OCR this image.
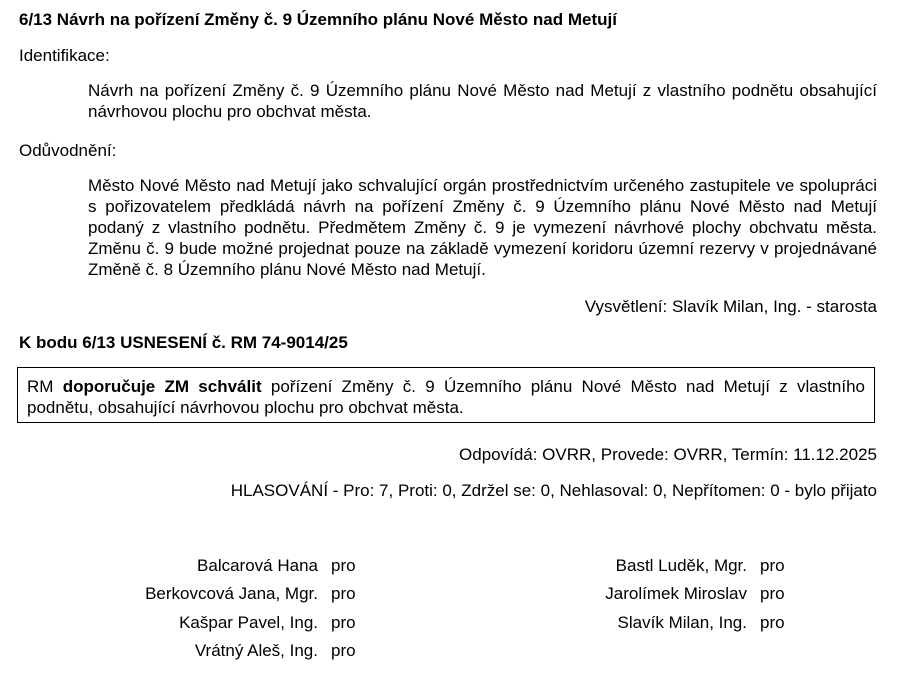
6/13 Návrh na pořízení Změny č. 9 Územního plánu Nové Město nad Metují
Identifikace:
Návrh na pořízení Změny č. 9 Územního plánu Nové Město nad Metují z vlastního podnětu obsahující návrhovou plochu pro obchvat města.
Odůvodnění:
Město Nové Město nad Metují jako schvalující orgán prostřednictvím určeného zastupitele ve spolupráci s pořizovatelem předkládá návrh na pořízení Změny č. 9 Územního plánu Nové Město nad Metují podaný z vlastního podnětu. Předmětem Změny č. 9 je vymezení návrhové plochy obchvatu města. Změnu č. 9 bude možné projednat pouze na základě vymezení koridoru územní rezervy v projednávané Změně č. 8 Územního plánu Nové Město nad Metují.
Vysvětlení: Slavík Milan, Ing. - starosta
K bodu 6/13 USNESENÍ č. RM 74-9014/25
RM doporučuje ZM schválit pořízení Změny č. 9 Územního plánu Nové Město nad Metují z vlastního podnětu, obsahující návrhovou plochu pro obchvat města.
Odpovídá: OVRR, Provede: OVRR, Termín: 11.12.2025
HLASOVÁNÍ - Pro: 7, Proti: 0, Zdržel se: 0, Nehlasoval: 0, Nepřítomen: 0 - bylo přijato
Balcarová Hana pro
Berkovcová Jana, Mgr. pro
Kašpar Pavel, Ing. pro
Vrátný Aleš, Ing. pro
Bastl Luděk, Mgr. pro
Jarolímek Miroslav pro
Slavík Milan, Ing. pro
